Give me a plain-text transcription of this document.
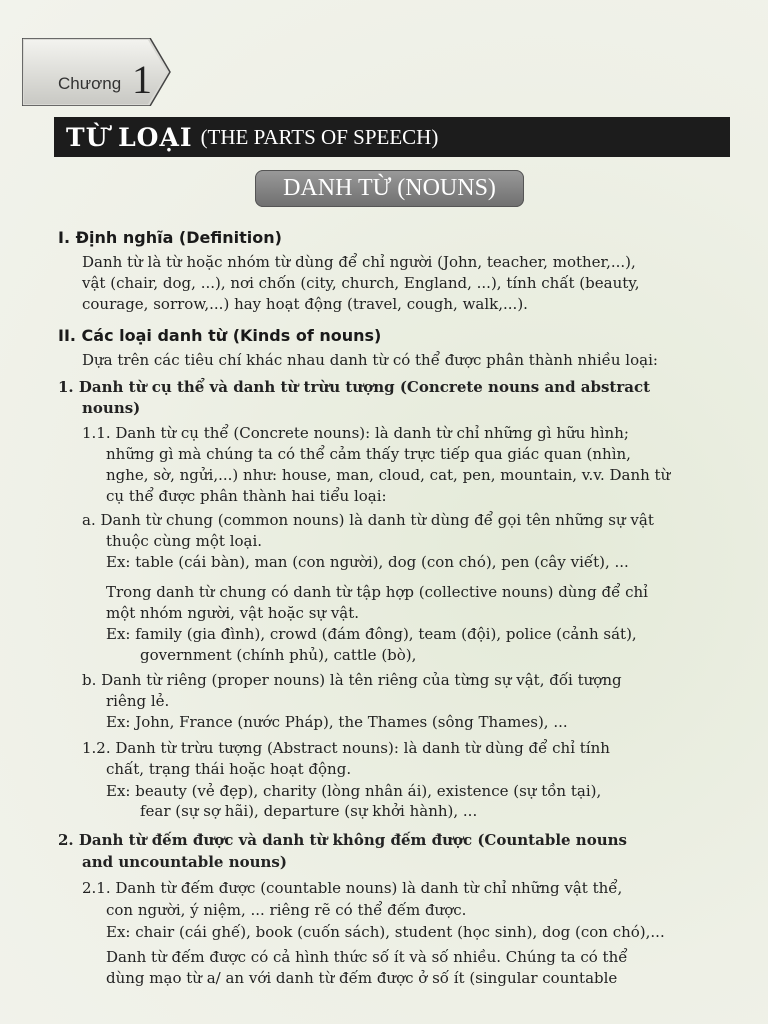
Chương 1
TỪ LOẠI (THE PARTS OF SPEECH)
DANH TỪ (NOUNS)
I. Định nghĩa (Definition)
Danh từ là từ hoặc nhóm từ dùng để chỉ người (John, teacher, mother,...),
vật (chair, dog, ...), nơi chốn (city, church, England, ...), tính chất (beauty,
courage, sorrow,...) hay hoạt động (travel, cough, walk,...).
II. Các loại danh từ (Kinds of nouns)
Dựa trên các tiêu chí khác nhau danh từ có thể được phân thành nhiều loại:
1. Danh từ cụ thể và danh từ trừu tượng (Concrete nouns and abstract
nouns)
1.1. Danh từ cụ thể (Concrete nouns): là danh từ chỉ những gì hữu hình;
những gì mà chúng ta có thể cảm thấy trực tiếp qua giác quan (nhìn,
nghe, sờ, ngửi,...) như: house, man, cloud, cat, pen, mountain, v.v. Danh từ
cụ thể được phân thành hai tiểu loại:
a. Danh từ chung (common nouns) là danh từ dùng để gọi tên những sự vật
thuộc cùng một loại.
Ex: table (cái bàn), man (con người), dog (con chó), pen (cây viết), ...
Trong danh từ chung có danh từ tập hợp (collective nouns) dùng để chỉ
một nhóm người, vật hoặc sự vật.
Ex: family (gia đình), crowd (đám đông), team (đội), police (cảnh sát),
government (chính phủ), cattle (bò),
b. Danh từ riêng (proper nouns) là tên riêng của từng sự vật, đối tượng
riêng lẻ.
Ex: John, France (nước Pháp), the Thames (sông Thames), ...
1.2. Danh từ trừu tượng (Abstract nouns): là danh từ dùng để chỉ tính
chất, trạng thái hoặc hoạt động.
Ex: beauty (vẻ đẹp), charity (lòng nhân ái), existence (sự tồn tại),
fear (sự sợ hãi), departure (sự khởi hành), ...
2. Danh từ đếm được và danh từ không đếm được (Countable nouns
and uncountable nouns)
2.1. Danh từ đếm được (countable nouns) là danh từ chỉ những vật thể,
con người, ý niệm, ... riêng rẽ có thể đếm được.
Ex: chair (cái ghế), book (cuốn sách), student (học sinh), dog (con chó),...
Danh từ đếm được có cả hình thức số ít và số nhiều. Chúng ta có thể
dùng mạo từ a/ an với danh từ đếm được ở số ít (singular countable
